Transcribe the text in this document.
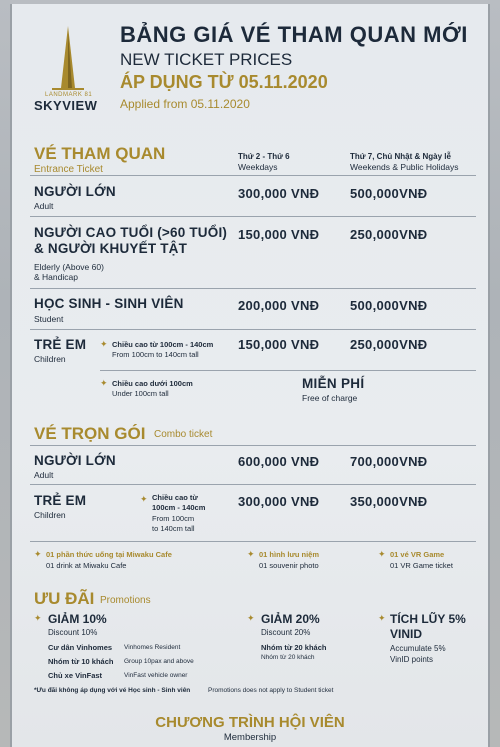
LANDMARK 81
SKYVIEW
BẢNG GIÁ VÉ THAM QUAN MỚI
NEW TICKET PRICES
ÁP DỤNG TỪ 05.11.2020
Applied from 05.11.2020
VÉ THAM QUAN
Entrance Ticket
Thứ 2 - Thứ 6
Weekdays
Thứ 7, Chủ Nhật & Ngày lễ
Weekends & Public Holidays
NGƯỜI LỚN
Adult
300,000 VNĐ 500,000VNĐ
NGƯỜI CAO TUỔI (>60 TUỔI)
& NGƯỜI KHUYẾT TẬT
Elderly (Above 60)
& Handicap
150,000 VNĐ 250,000VNĐ
HỌC SINH - SINH VIÊN
Student
200,000 VNĐ 500,000VNĐ
TRẺ EM
Children
✦ Chiều cao từ 100cm - 140cm
From 100cm to 140cm tall
150,000 VNĐ 250,000VNĐ
✦ Chiều cao dưới 100cm
Under 100cm tall
MIỄN PHÍ
Free of charge
VÉ TRỌN GÓI Combo ticket
NGƯỜI LỚN
Adult
600,000 VNĐ 700,000VNĐ
TRẺ EM
Children
✦ Chiều cao từ
100cm - 140cm
From 100cm
to 140cm tall
300,000 VNĐ 350,000VNĐ
✦ 01 phần thức uống tại Miwaku Cafe
01 drink at Miwaku Cafe
✦ 01 hình lưu niệm
01 souvenir photo
✦ 01 vé VR Game
01 VR Game ticket
ƯU ĐÃI Promotions
✦ GIẢM 10%
Discount 10%
Cư dân Vinhomes Vinhomes Resident
Nhóm từ 10 khách Group 10pax and above
Chủ xe VinFast	VinFast vehicle owner
✦ GIẢM 20%
Discount 20%
Nhóm từ 20 khách
Nhóm từ 20 khách
✦ TÍCH LŨY 5%
VINID
Accumulate 5%
VinID points
*Ưu đãi không áp dụng với vé Học sinh - Sinh viên	Promotions does not apply to Student ticket
CHƯƠNG TRÌNH HỘI VIÊN
Membership
